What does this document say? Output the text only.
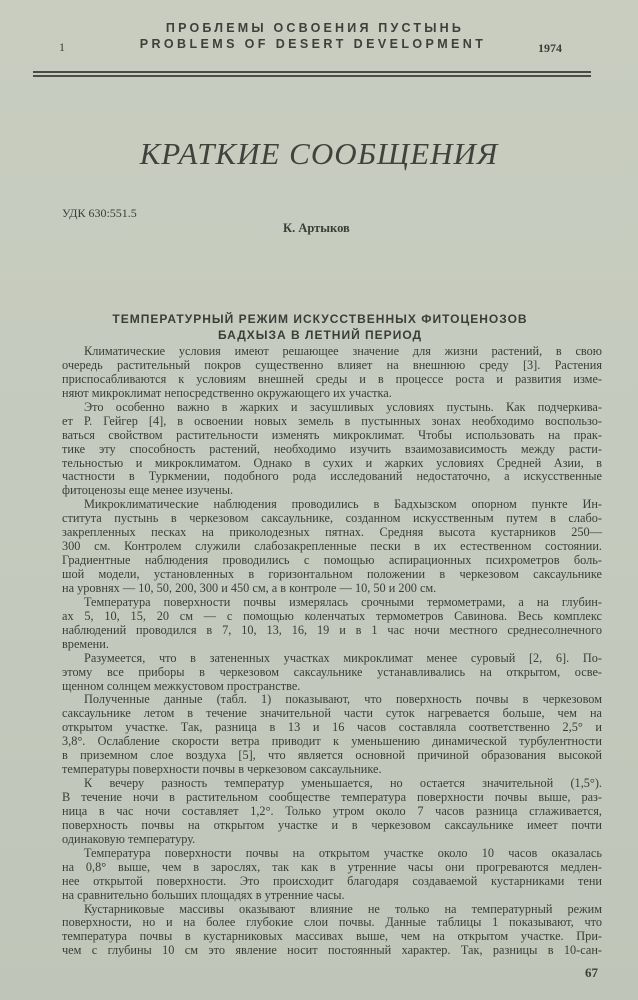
ПРОБЛЕМЫ ОСВОЕНИЯ ПУСТЫНЬ
PROBLEMS OF DESERT DEVELOPMENT
1	1974
КРАТКИЕ СООБЩЕНИЯ
УДК 630:551.5
К. Артыков
ТЕМПЕРАТУРНЫЙ РЕЖИМ ИСКУССТВЕННЫХ ФИТОЦЕНОЗОВ
БАДХЫЗА В ЛЕТНИЙ ПЕРИОД
Климатические условия имеют решающее значение для жизни растений, в свою
очередь растительный покров существенно влияет на внешнюю среду [3]. Растения
приспосабливаются к условиям внешней среды и в процессе роста и развития изме-
няют микроклимат непосредственно окружающего их участка.
Это особенно важно в жарких и засушливых условиях пустынь. Как подчеркива-
ет Р. Гейгер [4], в освоении новых земель в пустынных зонах необходимо воспользо-
ваться свойством растительности изменять микроклимат. Чтобы использовать на прак-
тике эту способность растений, необходимо изучить взаимозависимость между расти-
тельностью и микроклиматом. Однако в сухих и жарких условиях Средней Азии, в
частности в Туркмении, подобного рода исследований недостаточно, а искусственные
фитоценозы еще менее изучены.
Микроклиматические наблюдения проводились в Бадхызском опорном пункте Ин-
ститута пустынь в черкезовом саксаульнике, созданном искусственным путем в слабо-
закрепленных песках на приколодезных пятнах. Средняя высота кустарников 250—
300 см. Контролем служили слабозакрепленные пески в их естественном состоянии.
Градиентные наблюдения проводились с помощью аспирационных психрометров боль-
шой модели, установленных в горизонтальном положении в черкезовом саксаульнике
на уровнях — 10, 50, 200, 300 и 450 см, а в контроле — 10, 50 и 200 см.
Температура поверхности почвы измерялась срочными термометрами, а на глубин-
ах 5, 10, 15, 20 см — с помощью коленчатых термометров Савинова. Весь комплекс
наблюдений проводился в 7, 10, 13, 16, 19 и в 1 час ночи местного среднесолнечного
времени.
Разумеется, что в затененных участках микроклимат менее суровый [2, 6]. По-
этому все приборы в черкезовом саксаульнике устанавливались на открытом, осве-
щенном солнцем межкустовом пространстве.
Полученные данные (табл. 1) показывают, что поверхность почвы в черкезовом
саксаульнике летом в течение значительной части суток нагревается больше, чем на
открытом участке. Так, разница в 13 и 16 часов составляла соответственно 2,5° и
3,8°. Ослабление скорости ветра приводит к уменьшению динамической турбулентности
в приземном слое воздуха [5], что является основной причиной образования высокой
температуры поверхности почвы в черкезовом саксаульнике.
К вечеру разность температур уменьшается, но остается значительной (1,5°).
В течение ночи в растительном сообществе температура поверхности почвы выше, раз-
ница в час ночи составляет 1,2°. Только утром около 7 часов разница сглаживается,
поверхность почвы на открытом участке и в черкезовом саксаульнике имеет почти
одинаковую температуру.
Температура поверхности почвы на открытом участке около 10 часов оказалась
на 0,8° выше, чем в зарослях, так как в утренние часы они прогреваются медлен-
нее открытой поверхности. Это происходит благодаря создаваемой кустарниками тени
на сравнительно больших площадях в утренние часы.
Кустарниковые массивы оказывают влияние не только на температурный режим
поверхности, но и на более глубокие слои почвы. Данные таблицы 1 показывают, что
температура почвы в кустарниковых массивах выше, чем на открытом участке. При-
чем с глубины 10 см это явление носит постоянный характер. Так, разницы в 10-сан-
67
